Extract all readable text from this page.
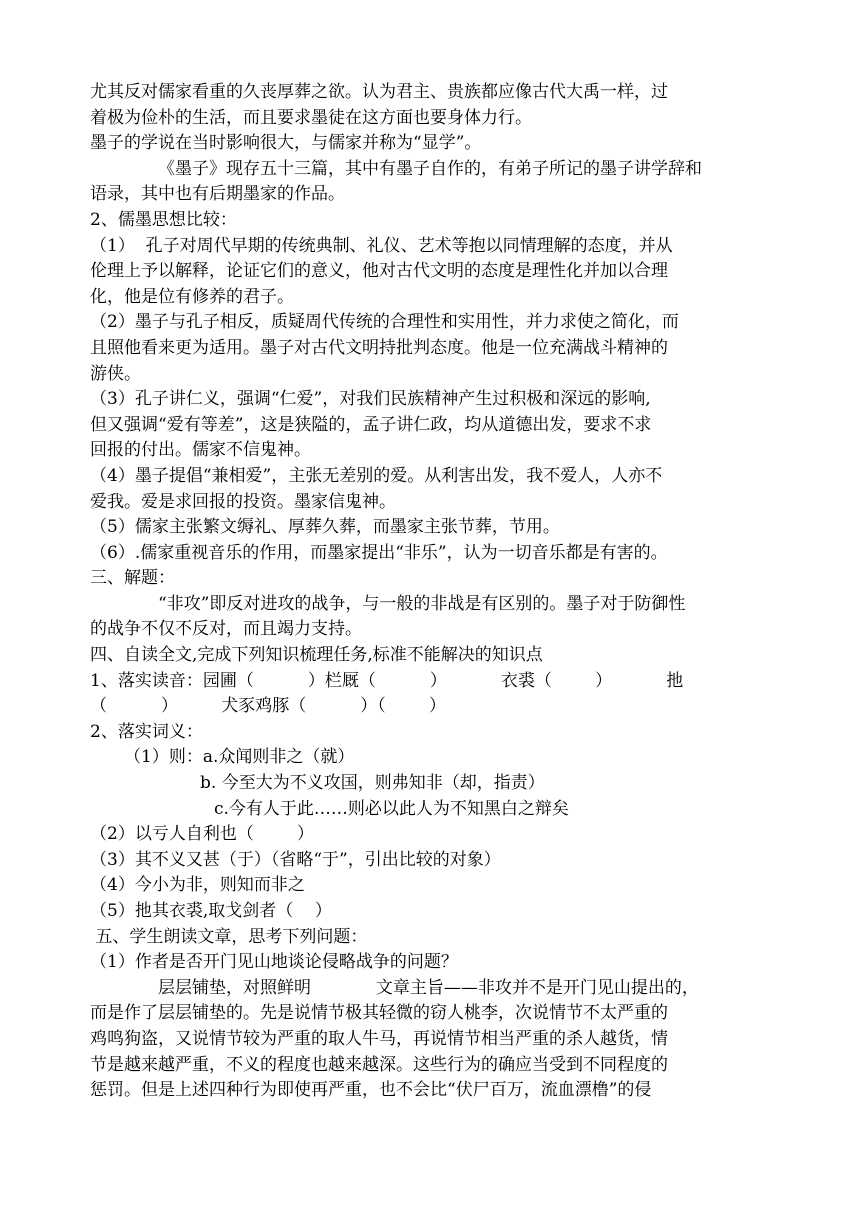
尤其反对儒家看重的久丧厚葬之欲。认为君主、贵族都应像古代大禹一样，过
着极为俭朴的生活，而且要求墨徒在这方面也要身体力行。
墨子的学说在当时影响很大，与儒家并称为“显学”。
《墨子》现存五十三篇，其中有墨子自作的，有弟子所记的墨子讲学辞和
语录，其中也有后期墨家的作品。
2、儒墨思想比较：
（1）  孔子对周代早期的传统典制、礼仪、艺术等抱以同情理解的态度，并从
伦理上予以解释，论证它们的意义，他对古代文明的态度是理性化并加以合理
化，他是位有修养的君子。
（2）墨子与孔子相反，质疑周代传统的合理性和实用性，并力求使之简化，而
且照他看来更为适用。墨子对古代文明持批判态度。他是一位充满战斗精神的
游侠。
（3）孔子讲仁义，强调“仁爱”，对我们民族精神产生过积极和深远的影响,
但又强调“爱有等差”，这是狭隘的，孟子讲仁政，均从道德出发，要求不求
回报的付出。儒家不信鬼神。
（4）墨子提倡“兼相爱”，主张无差别的爱。从利害出发，我不爱人，人亦不
爱我。爱是求回报的投资。墨家信鬼神。
（5）儒家主张繁文缛礼、厚葬久葬，而墨家主张节葬，节用。
（6）.儒家重视音乐的作用，而墨家提出“非乐”，认为一切音乐都是有害的。
三、解题：
“非攻”即反对进攻的战争，与一般的非战是有区别的。墨子对于防御性
的战争不仅不反对，而且竭力支持。
四、自读全文,完成下列知识梳理任务,标准不能解决的知识点
1、落实读音：园圃（          ）栏厩（          ）          衣裘（        ）          扡
（          ）        犬豕鸡豚（          ）（        ）
2、落实词义：
（1）则：a.众闻则非之（就）
b. 今至大为不义攻国，则弗知非（却，指责）
c.今有人于此……则必以此人为不知黑白之辩矣
（2）以亏人自利也（        ）
（3）其不义又甚（于）（省略“于”，引出比较的对象）
（4）今小为非，则知而非之
（5）扡其衣裘,取戈剑者（    ）
五、学生朗读文章，思考下列问题：
（1）作者是否开门见山地谈论侵略战争的问题？
层层铺垫，对照鲜明            文章主旨——非攻并不是开门见山提出的，
而是作了层层铺垫的。先是说情节极其轻微的窃人桃李，次说情节不太严重的
鸡鸣狗盗，又说情节较为严重的取人牛马，再说情节相当严重的杀人越货，情
节是越来越严重，不义的程度也越来越深。这些行为的确应当受到不同程度的
惩罚。但是上述四种行为即使再严重，也不会比“伏尸百万，流血漂橹”的侵
